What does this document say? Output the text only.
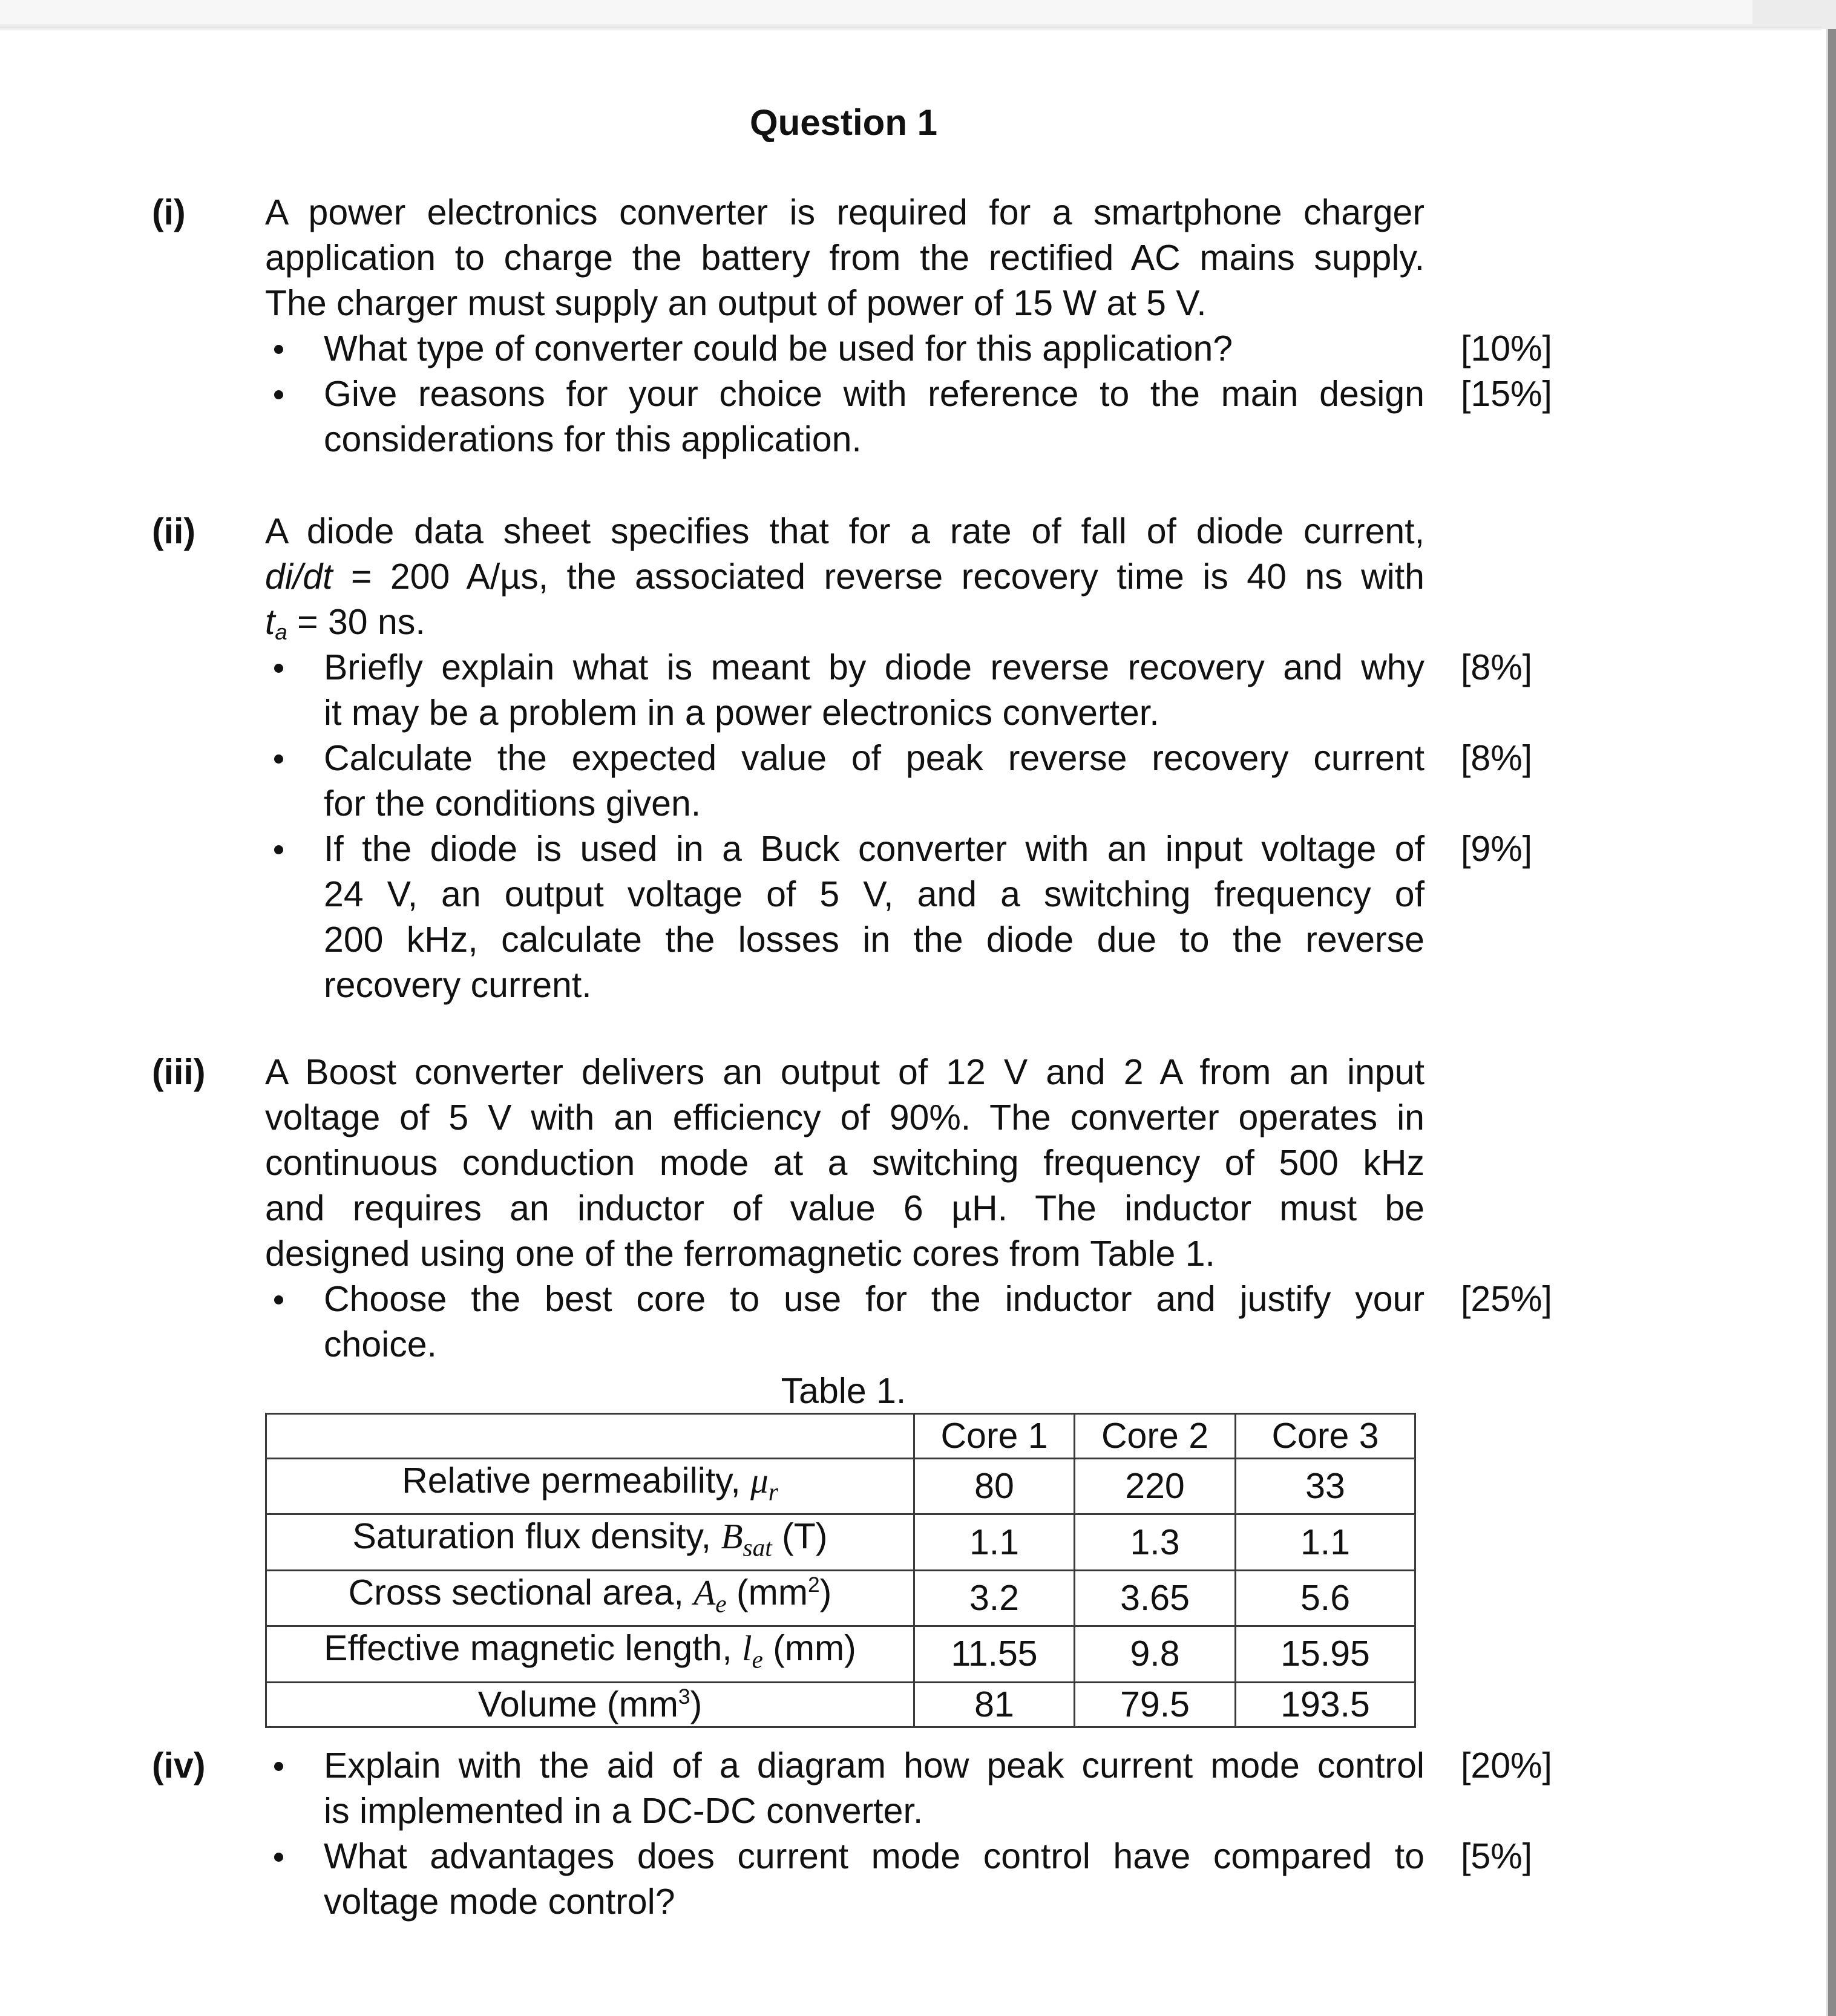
Question 1
(i) A power electronics converter is required for a smartphone charger
application to charge the battery from the rectified AC mains supply.
The charger must supply an output of power of 15 W at 5 V.
[10%]
What type of converter could be used for this application?
[15%]
Give reasons for your choice with reference to the main design
considerations for this application.
(ii) A diode data sheet specifies that for a rate of fall of diode current,
di/dt = 200 A/µs, the associated reverse recovery time is 40 ns with
$t_a = 30$ ns.
[8%]
Briefly explain what is meant by diode reverse recovery and why
it may be a problem in a power electronics converter.
[8%]
Calculate the expected value of peak reverse recovery current
for the conditions given.
[9%]
If the diode is used in a Buck converter with an input voltage of
24 V, an output voltage of 5 V, and a switching frequency of
200 kHz, calculate the losses in the diode due to the reverse
recovery current.
(iii) A Boost converter delivers an output of 12 V and 2 A from an input
voltage of 5 V with an efficiency of 90%. The converter operates in
continuous conduction mode at a switching frequency of 500 kHz
and requires an inductor of value 6 µH. The inductor must be
designed using one of the ferromagnetic cores from Table 1.
[25%]
Choose the best core to use for the inductor and justify your
choice.
(iv)	[20%]
Explain with the aid of a diagram how peak current mode control
is implemented in a DC-DC converter.
[5%]
What advantages does current mode control have compared to
voltage mode control?
Table 1.
	Core 1	Core 2	Core 3
Relative permeability, $\mu_r$	80	220	33
Saturation flux density, $B_{sat}$ (T)	1.1	1.3	1.1
Cross sectional area, $A_e$ $(mm^2)$	3.2	3.65	5.6
Effective magnetic length, $l_e$ (mm)	11.55	9.8	15.95
Volume $(mm^3)$	81	79.5	193.5
